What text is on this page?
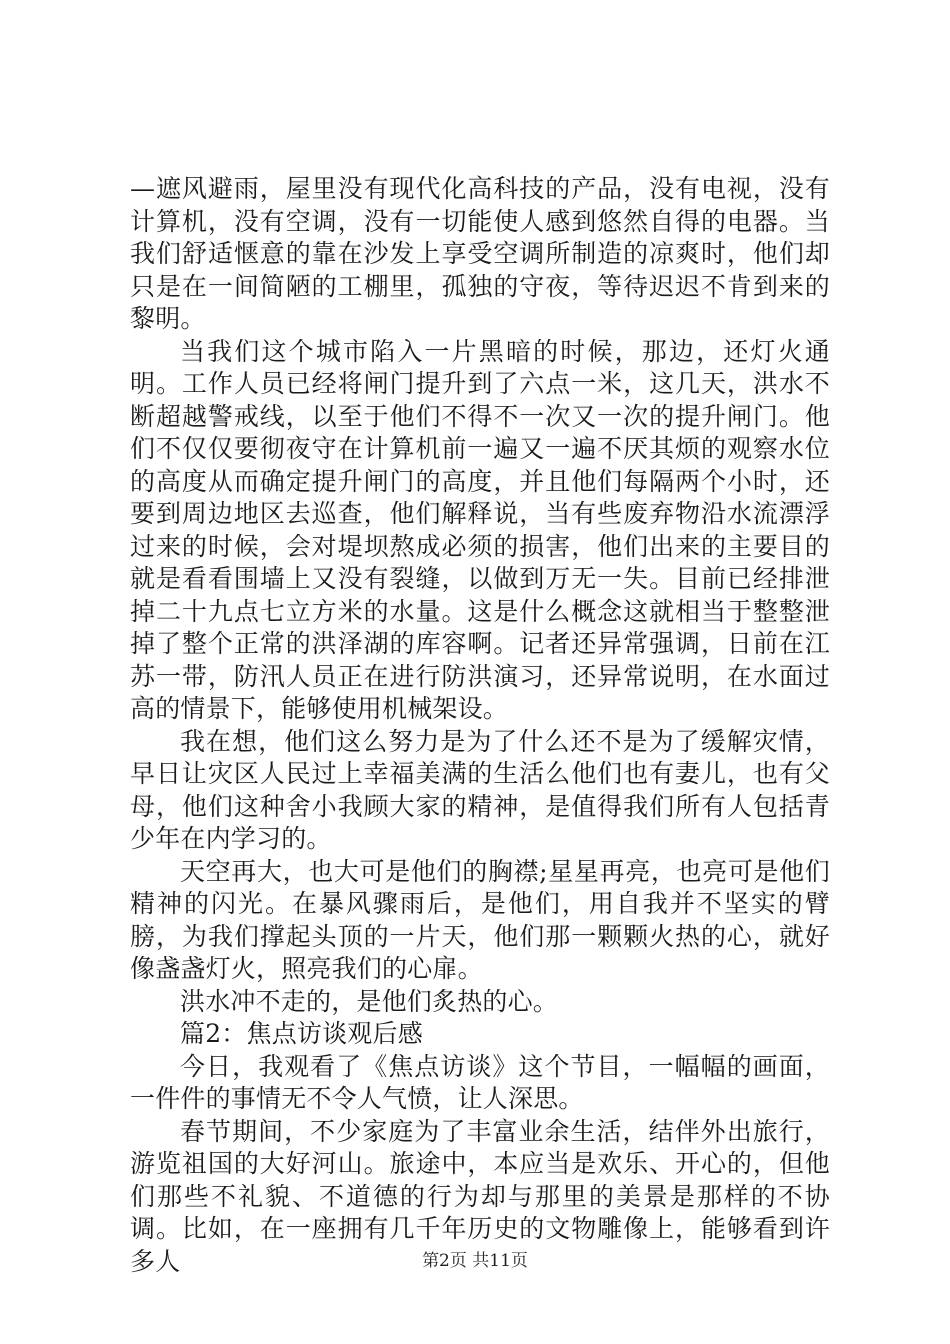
—遮风避雨，屋里没有现代化高科技的产品，没有电视，没有计算机，没有空调，没有一切能使人感到悠然自得的电器。当我们舒适惬意的靠在沙发上享受空调所制造的凉爽时，他们却只是在一间简陋的工棚里，孤独的守夜，等待迟迟不肯到来的黎明。

当我们这个城市陷入一片黑暗的时候，那边，还灯火通明。工作人员已经将闸门提升到了六点一米，这几天，洪水不断超越警戒线，以至于他们不得不一次又一次的提升闸门。他们不仅仅要彻夜守在计算机前一遍又一遍不厌其烦的观察水位的高度从而确定提升闸门的高度，并且他们每隔两个小时，还要到周边地区去巡查，他们解释说，当有些废弃物沿水流漂浮过来的时候，会对堤坝熬成必须的损害，他们出来的主要目的就是看看围墙上又没有裂缝，以做到万无一失。目前已经排泄掉二十九点七立方米的水量。这是什么概念这就相当于整整泄掉了整个正常的洪泽湖的库容啊。记者还异常强调，日前在江苏一带，防汛人员正在进行防洪演习，还异常说明，在水面过高的情景下，能够使用机械架设。

我在想，他们这么努力是为了什么还不是为了缓解灾情，早日让灾区人民过上幸福美满的生活么他们也有妻儿，也有父母，他们这种舍小我顾大家的精神，是值得我们所有人包括青少年在内学习的。

天空再大，也大可是他们的胸襟;星星再亮，也亮可是他们精神的闪光。在暴风骤雨后，是他们，用自我并不坚实的臂膀，为我们撑起头顶的一片天，他们那一颗颗火热的心，就好像盏盏灯火，照亮我们的心扉。

洪水冲不走的，是他们炙热的心。

篇2：焦点访谈观后感

今日，我观看了《焦点访谈》这个节目，一幅幅的画面，一件件的事情无不令人气愤，让人深思。

春节期间，不少家庭为了丰富业余生活，结伴外出旅行，游览祖国的大好河山。旅途中，本应当是欢乐、开心的，但他们那些不礼貌、不道德的行为却与那里的美景是那样的不协调。比如，在一座拥有几千年历史的文物雕像上，能够看到许多人	第2页 共11页
